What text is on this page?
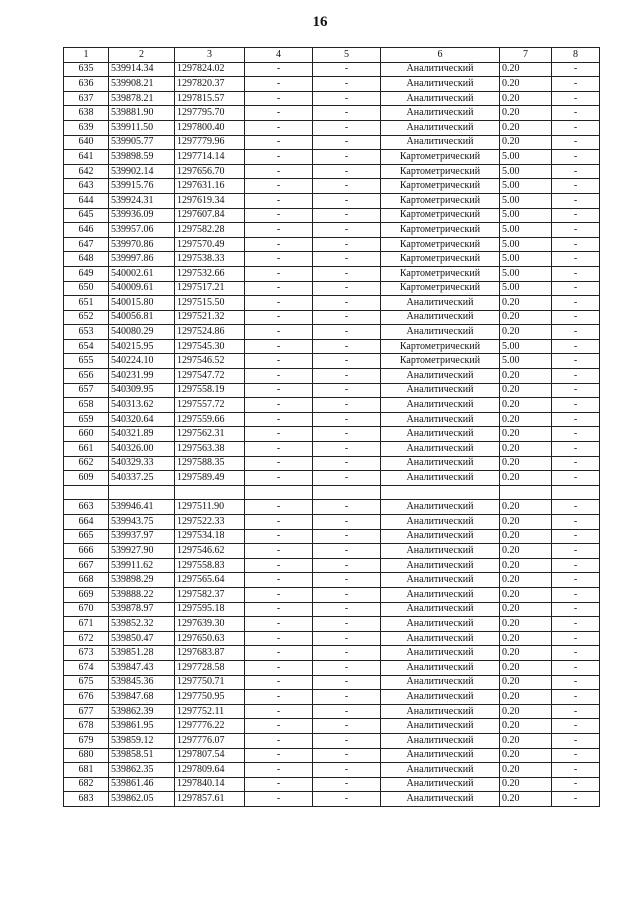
16
1	2	3	4	5	6	7	8
635	539914.34	1297824.02	-	-	Аналитический	0.20	-
636	539908.21	1297820.37	-	-	Аналитический	0.20	-
637	539878.21	1297815.57	-	-	Аналитический	0.20	-
638	539881.90	1297795.70	-	-	Аналитический	0.20	-
639	539911.50	1297800.40	-	-	Аналитический	0.20	-
640	539905.77	1297779.96	-	-	Аналитический	0.20	-
641	539898.59	1297714.14	-	-	Картометрический	5.00	-
642	539902.14	1297656.70	-	-	Картометрический	5.00	-
643	539915.76	1297631.16	-	-	Картометрический	5.00	-
644	539924.31	1297619.34	-	-	Картометрический	5.00	-
645	539936.09	1297607.84	-	-	Картометрический	5.00	-
646	539957.06	1297582.28	-	-	Картометрический	5.00	-
647	539970.86	1297570.49	-	-	Картометрический	5.00	-
648	539997.86	1297538.33	-	-	Картометрический	5.00	-
649	540002.61	1297532.66	-	-	Картометрический	5.00	-
650	540009.61	1297517.21	-	-	Картометрический	5.00	-
651	540015.80	1297515.50	-	-	Аналитический	0.20	-
652	540056.81	1297521.32	-	-	Аналитический	0.20	-
653	540080.29	1297524.86	-	-	Аналитический	0.20	-
654	540215.95	1297545.30	-	-	Картометрический	5.00	-
655	540224.10	1297546.52	-	-	Картометрический	5.00	-
656	540231.99	1297547.72	-	-	Аналитический	0.20	-
657	540309.95	1297558.19	-	-	Аналитический	0.20	-
658	540313.62	1297557.72	-	-	Аналитический	0.20	-
659	540320.64	1297559.66	-	-	Аналитический	0.20	-
660	540321.89	1297562.31	-	-	Аналитический	0.20	-
661	540326.00	1297563.38	-	-	Аналитический	0.20	-
662	540329.33	1297588.35	-	-	Аналитический	0.20	-
609	540337.25	1297589.49	-	-	Аналитический	0.20	-

663	539946.41	1297511.90	-	-	Аналитический	0.20	-
664	539943.75	1297522.33	-	-	Аналитический	0.20	-
665	539937.97	1297534.18	-	-	Аналитический	0.20	-
666	539927.90	1297546.62	-	-	Аналитический	0.20	-
667	539911.62	1297558.83	-	-	Аналитический	0.20	-
668	539898.29	1297565.64	-	-	Аналитический	0.20	-
669	539888.22	1297582.37	-	-	Аналитический	0.20	-
670	539878.97	1297595.18	-	-	Аналитический	0.20	-
671	539852.32	1297639.30	-	-	Аналитический	0.20	-
672	539850.47	1297650.63	-	-	Аналитический	0.20	-
673	539851.28	1297683.87	-	-	Аналитический	0.20	-
674	539847.43	1297728.58	-	-	Аналитический	0.20	-
675	539845.36	1297750.71	-	-	Аналитический	0.20	-
676	539847.68	1297750.95	-	-	Аналитический	0.20	-
677	539862.39	1297752.11	-	-	Аналитический	0.20	-
678	539861.95	1297776.22	-	-	Аналитический	0.20	-
679	539859.12	1297776.07	-	-	Аналитический	0.20	-
680	539858.51	1297807.54	-	-	Аналитический	0.20	-
681	539862.35	1297809.64	-	-	Аналитический	0.20	-
682	539861.46	1297840.14	-	-	Аналитический	0.20	-
683	539862.05	1297857.61	-	-	Аналитический	0.20	-
